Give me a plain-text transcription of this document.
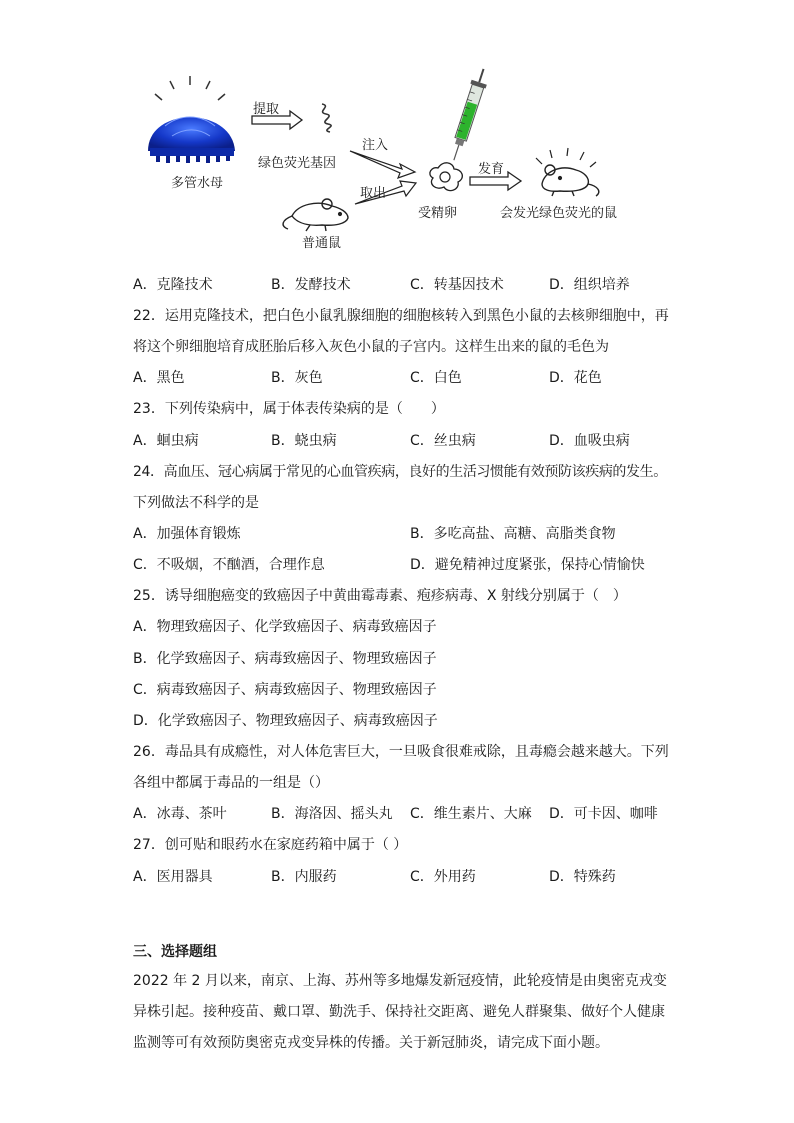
多管水母
提取
绿色荧光基因
注入
取出
普通鼠
受精卵
发育
会发光绿色荧光的鼠
A．克隆技术	B．发酵技术	C．转基因技术	D．组织培养
22．运用克隆技术，把白色小鼠乳腺细胞的细胞核转入到黑色小鼠的去核卵细胞中，再
将这个卵细胞培育成胚胎后移入灰色小鼠的子宫内。这样生出来的鼠的毛色为
A．黑色	B．灰色	C．白色	D．花色
23．下列传染病中，属于体表传染病的是（　　）
A．蛔虫病	B．蛲虫病	C．丝虫病	D．血吸虫病
24．高血压、冠心病属于常见的心血管疾病，良好的生活习惯能有效预防该疾病的发生。
下列做法不科学的是
A．加强体育锻炼	B．多吃高盐、高糖、高脂类食物
C．不吸烟，不酗酒，合理作息	D．避免精神过度紧张，保持心情愉快
25．诱导细胞癌变的致癌因子中黄曲霉毒素、疱疹病毒、X 射线分别属于（　）
A．物理致癌因子、化学致癌因子、病毒致癌因子
B．化学致癌因子、病毒致癌因子、物理致癌因子
C．病毒致癌因子、病毒致癌因子、物理致癌因子
D．化学致癌因子、物理致癌因子、病毒致癌因子
26．毒品具有成瘾性，对人体危害巨大，一旦吸食很难戒除，且毒瘾会越来越大。下列
各组中都属于毒品的一组是（）
A．冰毒、茶叶	B．海洛因、摇头丸 C．维生素片、大麻 D．可卡因、咖啡
27．创可贴和眼药水在家庭药箱中属于（ ）
A．医用器具	B．内服药	C．外用药	D．特殊药
三、选择题组
2022 年 2 月以来，南京、上海、苏州等多地爆发新冠疫情，此轮疫情是由奥密克戎变
异株引起。接种疫苗、戴口罩、勤洗手、保持社交距离、避免人群聚集、做好个人健康
监测等可有效预防奥密克戎变异株的传播。关于新冠肺炎，请完成下面小题。
